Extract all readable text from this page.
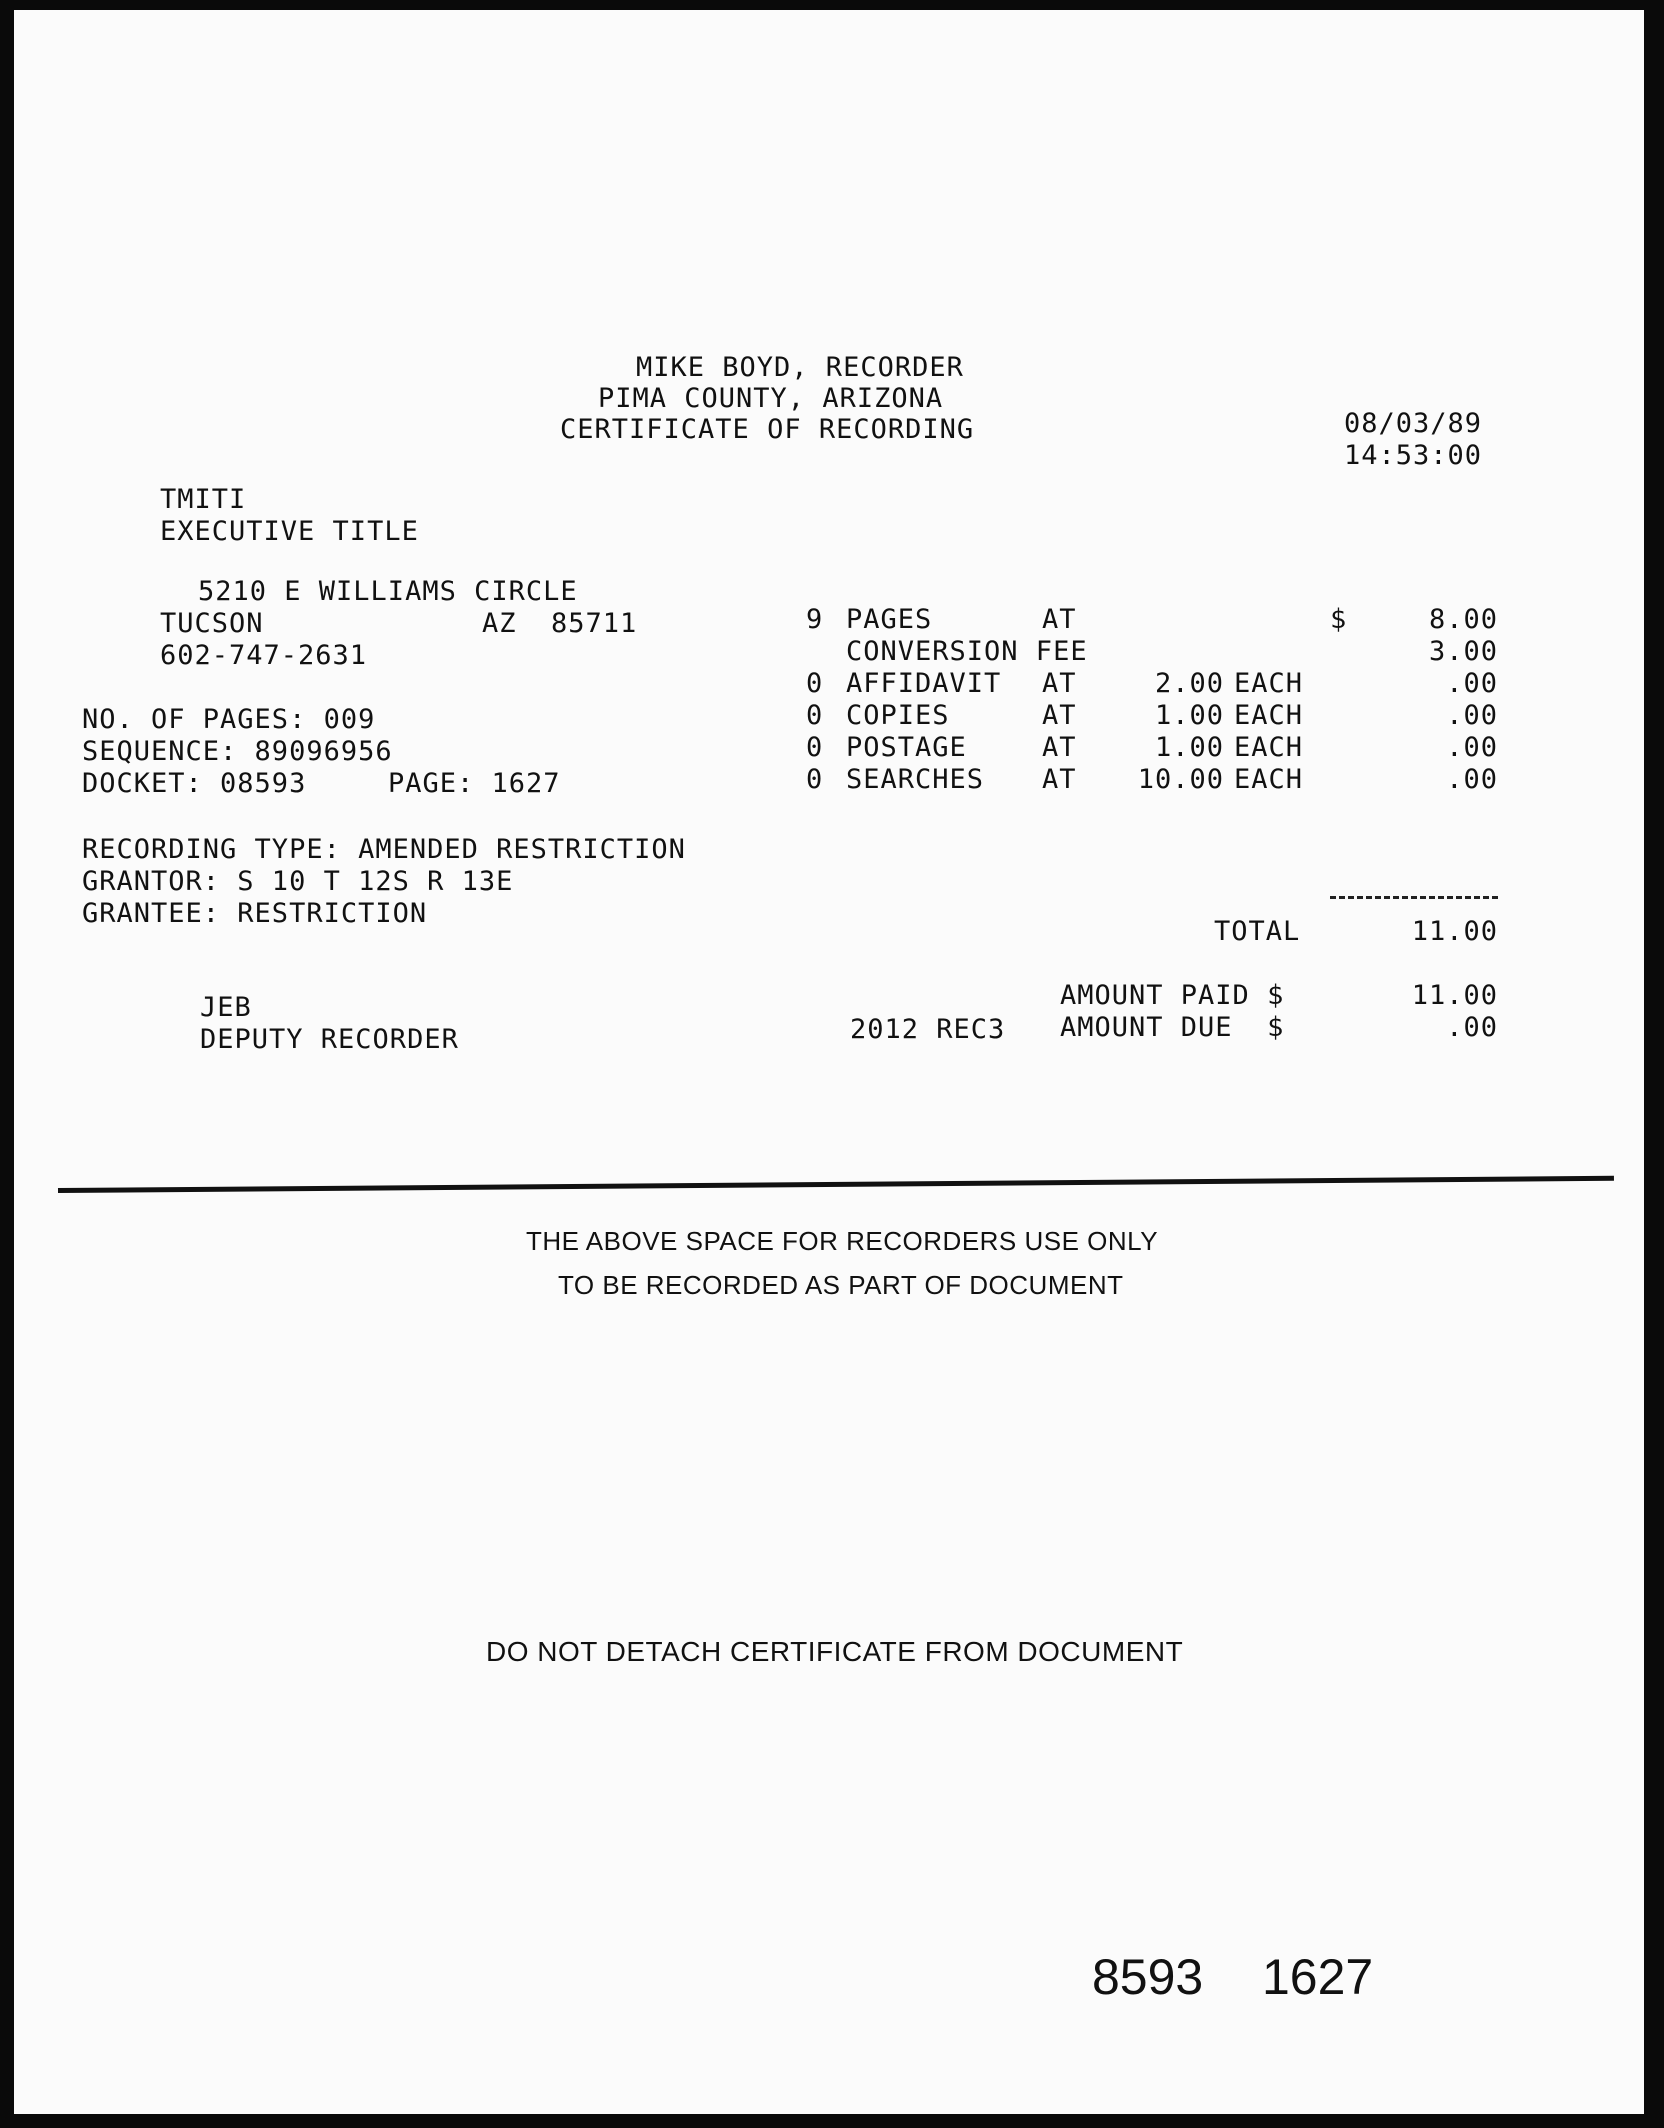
MIKE BOYD, RECORDER
PIMA COUNTY, ARIZONA
CERTIFICATE OF RECORDING	08/03/89
14:53:00
TMITI
EXECUTIVE TITLE
5210 E WILLIAMS CIRCLE
TUCSON	AZ  85711
602-747-2631
NO. OF PAGES: 009
SEQUENCE: 89096956
DOCKET: 08593	PAGE: 1627
RECORDING TYPE: AMENDED RESTRICTION
GRANTOR: S 10 T 12S R 13E
GRANTEE: RESTRICTION
9 PAGES	AT	$	8.00
CONVERSION FEE	3.00
0 AFFIDAVIT AT	2.00 EACH	.00
0 COPIES	AT	1.00 EACH	.00
0 POSTAGE	AT	1.00 EACH	.00
0 SEARCHES AT	10.00 EACH	.00
TOTAL	11.00
AMOUNT PAID $	11.00
2012 REC3 AMOUNT DUE  $	.00
JEB
DEPUTY RECORDER
THE ABOVE SPACE FOR RECORDERS USE ONLY
TO BE RECORDED AS PART OF DOCUMENT
DO NOT DETACH CERTIFICATE FROM DOCUMENT
8593 1627
